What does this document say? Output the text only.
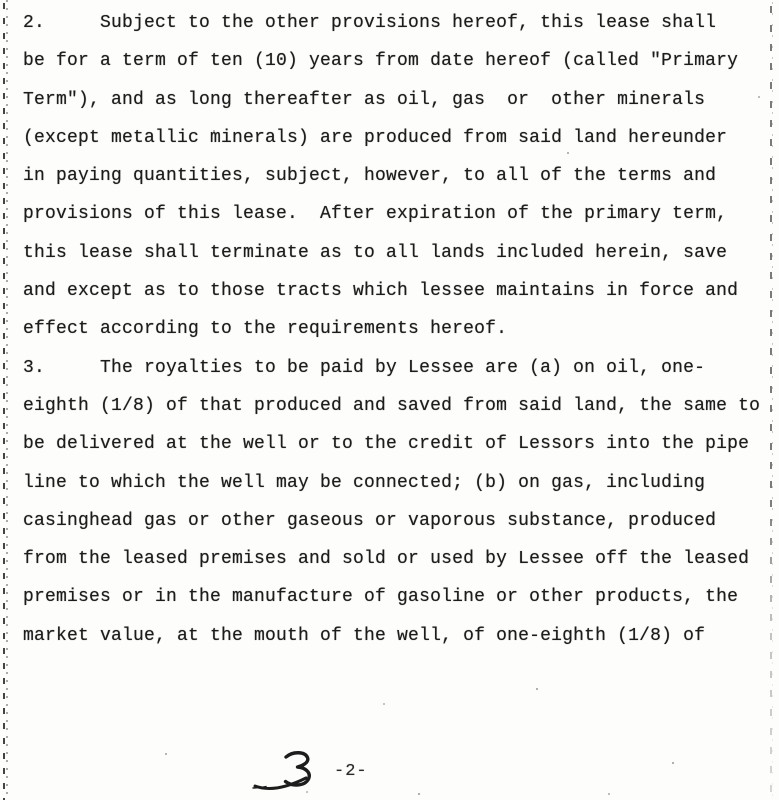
2.     Subject to the other provisions hereof, this lease shall
be for a term of ten (10) years from date hereof (called "Primary
Term"), and as long thereafter as oil, gas  or  other minerals
(except metallic minerals) are produced from said land hereunder
in paying quantities, subject, however, to all of the terms and
provisions of this lease.  After expiration of the primary term,
this lease shall terminate as to all lands included herein, save
and except as to those tracts which lessee maintains in force and
effect according to the requirements hereof.
3.     The royalties to be paid by Lessee are (a) on oil, one-
eighth (1/8) of that produced and saved from said land, the same to
be delivered at the well or to the credit of Lessors into the pipe
line to which the well may be connected; (b) on gas, including
casinghead gas or other gaseous or vaporous substance, produced
from the leased premises and sold or used by Lessee off the leased
premises or in the manufacture of gasoline or other products, the
market value, at the mouth of the well, of one-eighth (1/8) of
-2-
